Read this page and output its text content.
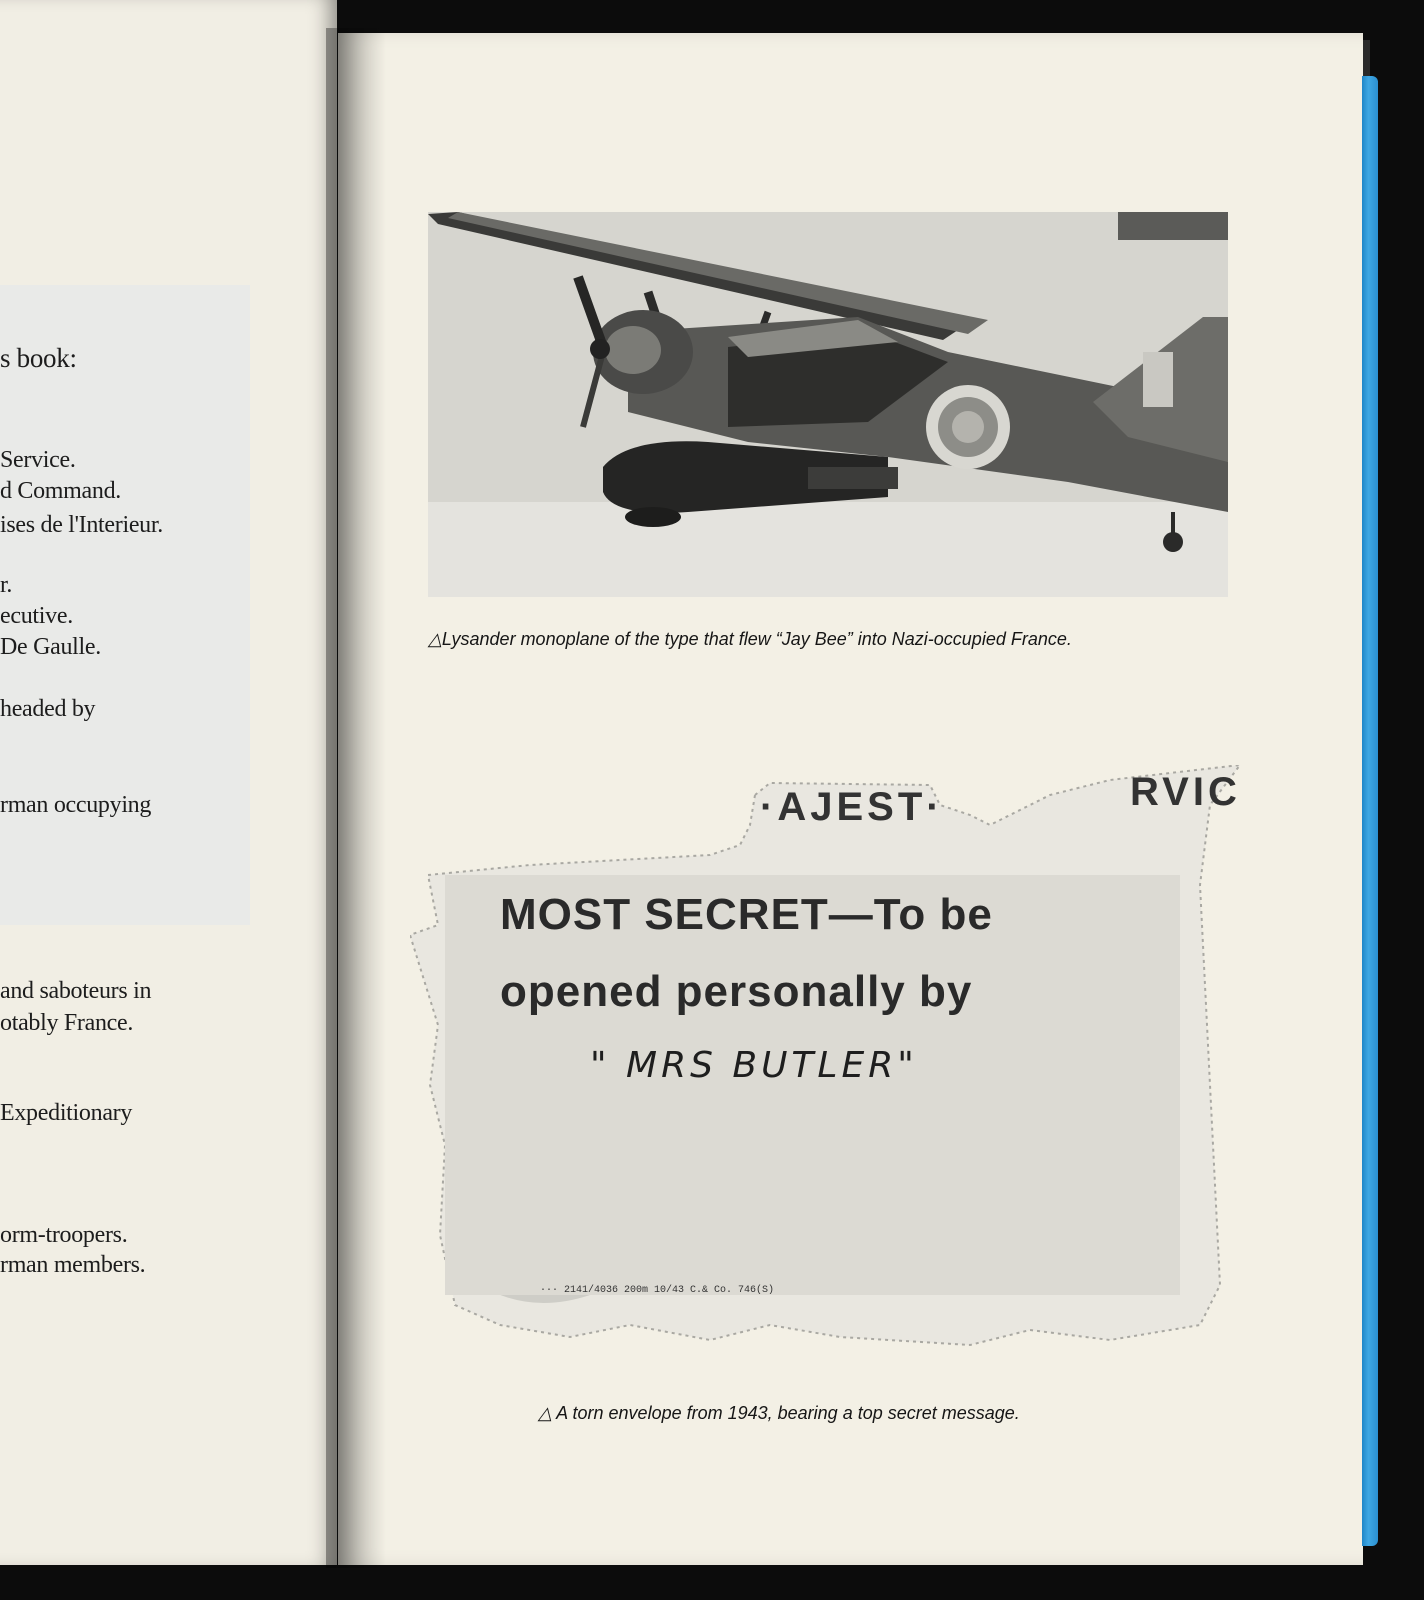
s book:
Service.
d Command.
ises de l'Interieur.
r.
ecutive.
De Gaulle.
headed by
rman occupying
and saboteurs in
otably France.
Expeditionary
orm-troopers.
rman members.
△Lysander monoplane of the type that flew “Jay Bee” into Nazi-occupied France.
·AJEST·	RVIC
MOST SECRET—To be
opened personally by
" MRS BUTLER"
··· 2141/4036 200m 10/43 C.& Co. 746(S)
△ A torn envelope from 1943, bearing a top secret message.
